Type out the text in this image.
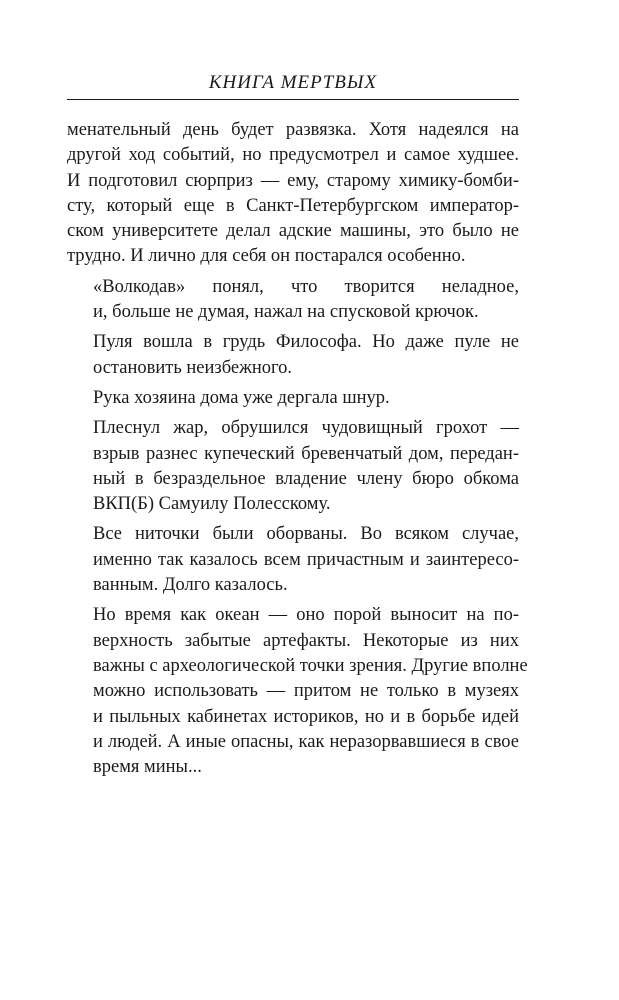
КНИГА МЕРТВЫХ

менательный день будет развязка. Хотя надеялся на
другой ход событий, но предусмотрел и самое худшее.
И подготовил сюрприз — ему, старому химику-бомби-
сту, который еще в Санкт-Петербургском император-
ском университете делал адские машины, это было не
трудно. И лично для себя он постарался особенно.

«Волкодав» понял, что творится неладное,
и, больше не думая, нажал на спусковой крючок.

Пуля вошла в грудь Философа. Но даже пуле не
остановить неизбежного.

Рука хозяина дома уже дергала шнур.

Плеснул жар, обрушился чудовищный грохот —
взрыв разнес купеческий бревенчатый дом, передан-
ный в безраздельное владение члену бюро обкома
ВКП(Б) Самуилу Полесскому.

Все ниточки были оборваны. Во всяком случае,
именно так казалось всем причастным и заинтересо-
ванным. Долго казалось.

Но время как океан — оно порой выносит на по-
верхность забытые артефакты. Некоторые из них
важны с археологической точки зрения. Другие вполне
можно использовать — притом не только в музеях
и пыльных кабинетах историков, но и в борьбе идей
и людей. А иные опасны, как неразорвавшиеся в свое
время мины...
